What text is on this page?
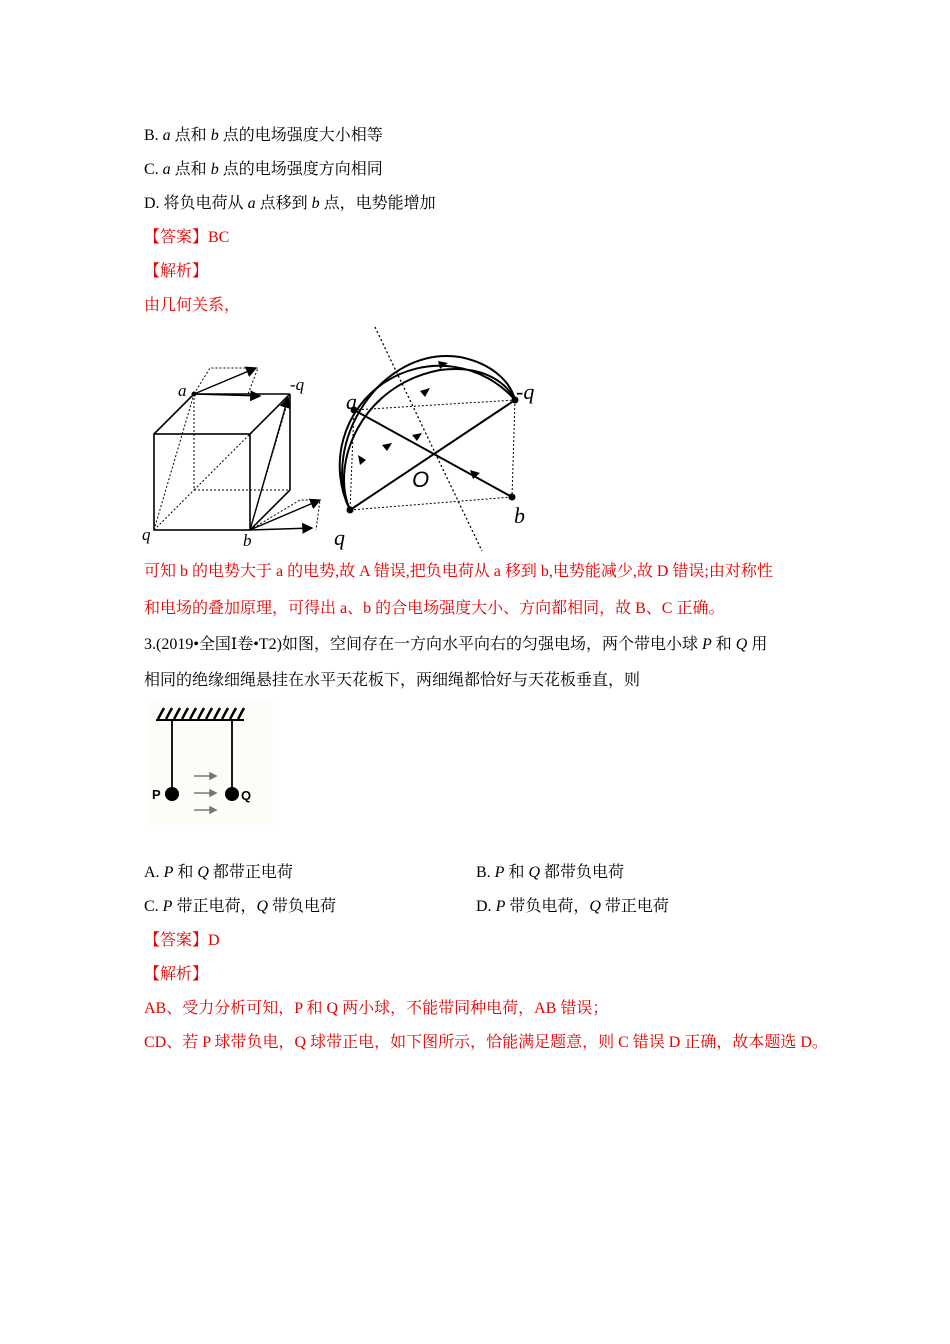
B. a 点和 b 点的电场强度大小相等
C. a 点和 b 点的电场强度方向相同
D. 将负电荷从 a 点移到 b 点，电势能增加
【答案】BC
【解析】
由几何关系，
a	-q
q	b
a	-q
O
q
b
可知 b 的电势大于 a 的电势,故 A 错误,把负电荷从 a 移到 b,电势能减少,故 D 错误;由对称性
和电场的叠加原理，可得出 a、b 的合电场强度大小、方向都相同，故 B、C 正确。
3.(2019•全国Ⅰ卷•T2)如图，空间存在一方向水平向右的匀强电场，两个带电小球 P 和 Q 用
相同的绝缘细绳悬挂在水平天花板下，两细绳都恰好与天花板垂直，则
P	Q
A. P 和 Q 都带正电荷	B. P 和 Q 都带负电荷
C. P 带正电荷，Q 带负电荷	D. P 带负电荷，Q 带正电荷
【答案】D
【解析】
AB、受力分析可知，P 和 Q 两小球，不能带同种电荷，AB 错误；
CD、若 P 球带负电，Q 球带正电，如下图所示，恰能满足题意，则 C 错误 D 正确，故本题选 D。
